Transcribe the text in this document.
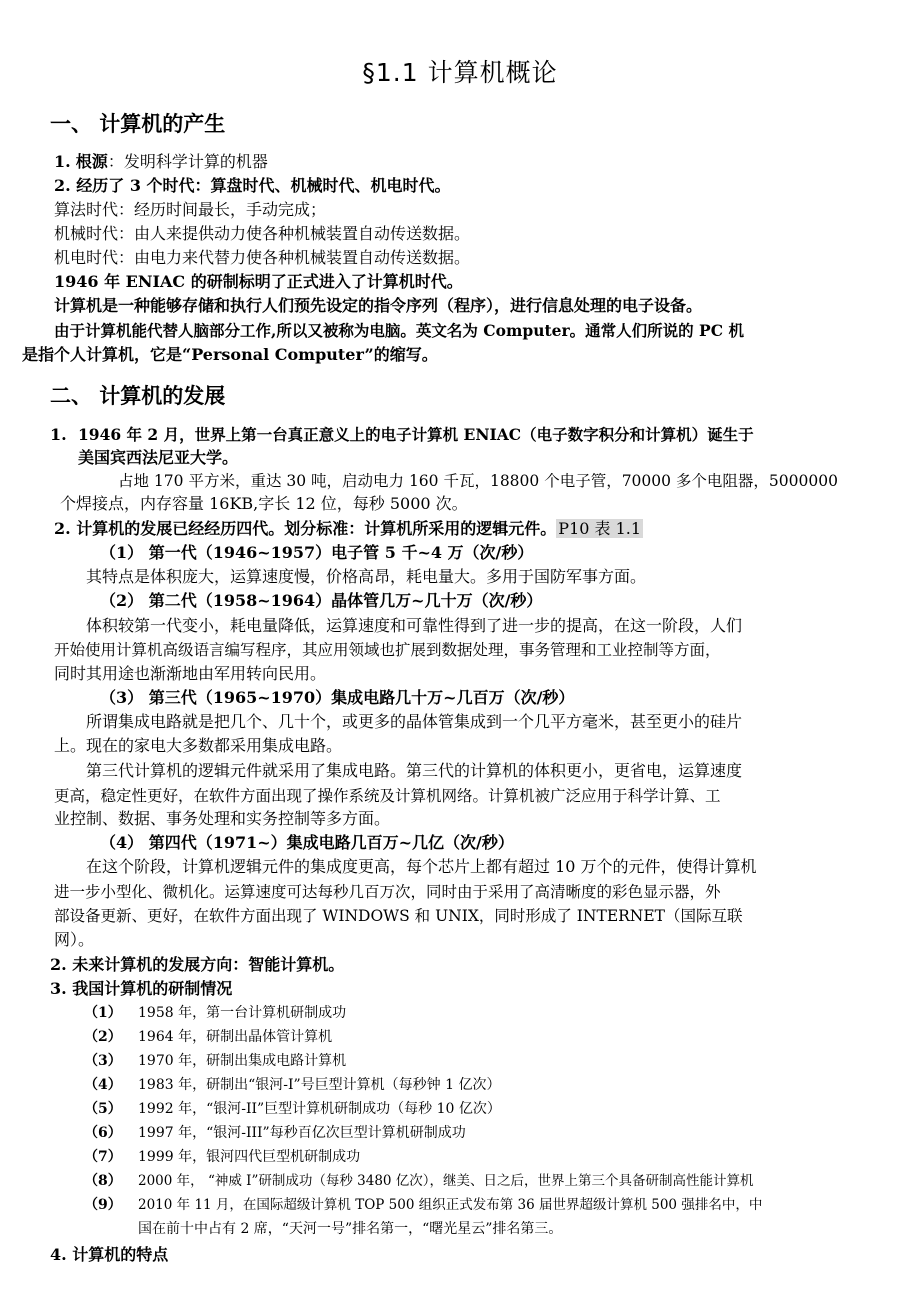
§1.1 计算机概论
一、 计算机的产生
1. 根源：发明科学计算的机器
2. 经历了 3 个时代：算盘时代、机械时代、机电时代。
算法时代：经历时间最长，手动完成；
机械时代：由人来提供动力使各种机械装置自动传送数据。
机电时代：由电力来代替力使各种机械装置自动传送数据。
1946 年 ENIAC 的研制标明了正式进入了计算机时代。
计算机是一种能够存储和执行人们预先设定的指令序列（程序），进行信息处理的电子设备。
由于计算机能代替人脑部分工作,所以又被称为电脑。英文名为 Computer。通常人们所说的 PC 机
是指个人计算机，它是“Personal Computer”的缩写。
二、 计算机的发展
1. 1946 年 2 月，世界上第一台真正意义上的电子计算机 ENIAC（电子数字积分和计算机）诞生于
美国宾西法尼亚大学。
占地 170 平方米，重达 30 吨，启动电力 160 千瓦，18800 个电子管，70000 多个电阻器，5000000
个焊接点，内存容量 16KB,字长 12 位，每秒 5000 次。
2. 计算机的发展已经经历四代。划分标准：计算机所采用的逻辑元件。 P10 表 1.1
（1） 第一代（1946~1957）电子管 5 千~4 万（次/秒）
其特点是体积庞大，运算速度慢，价格高昂，耗电量大。多用于国防军事方面。
（2） 第二代（1958~1964）晶体管几万~几十万（次/秒）
体积较第一代变小，耗电量降低，运算速度和可靠性得到了进一步的提高，在这一阶段，人们
开始使用计算机高级语言编写程序，其应用领域也扩展到数据处理，事务管理和工业控制等方面，
同时其用途也渐渐地由军用转向民用。
（3） 第三代（1965~1970）集成电路几十万~几百万（次/秒）
所谓集成电路就是把几个、几十个，或更多的晶体管集成到一个几平方毫米，甚至更小的硅片
上。现在的家电大多数都采用集成电路。
第三代计算机的逻辑元件就采用了集成电路。第三代的计算机的体积更小，更省电，运算速度
更高，稳定性更好，在软件方面出现了操作系统及计算机网络。计算机被广泛应用于科学计算、工
业控制、数据、事务处理和实务控制等多方面。
（4） 第四代（1971~）集成电路几百万~几亿（次/秒）
在这个阶段，计算机逻辑元件的集成度更高，每个芯片上都有超过 10 万个的元件，使得计算机
进一步小型化、微机化。运算速度可达每秒几百万次，同时由于采用了高清晰度的彩色显示器，外
部设备更新、更好，在软件方面出现了 WINDOWS 和 UNIX，同时形成了 INTERNET（国际互联
网）。
2. 未来计算机的发展方向：智能计算机。
3. 我国计算机的研制情况
（1） 1958 年，第一台计算机研制成功
（2） 1964 年，研制出晶体管计算机
（3） 1970 年，研制出集成电路计算机
（4） 1983 年，研制出“银河-I”号巨型计算机（每秒钟 1 亿次）
（5） 1992 年，“银河-II”巨型计算机研制成功（每秒 10 亿次）
（6） 1997 年，“银河-III”每秒百亿次巨型计算机研制成功
（7） 1999 年，银河四代巨型机研制成功
（8） 2000 年， “神威 I”研制成功（每秒 3480 亿次），继美、日之后，世界上第三个具备研制高性能计算机
（9） 2010 年 11 月，在国际超级计算机 TOP 500 组织正式发布第 36 届世界超级计算机 500 强排名中，中
国在前十中占有 2 席，“天河一号”排名第一，“曙光星云”排名第三。
4. 计算机的特点
